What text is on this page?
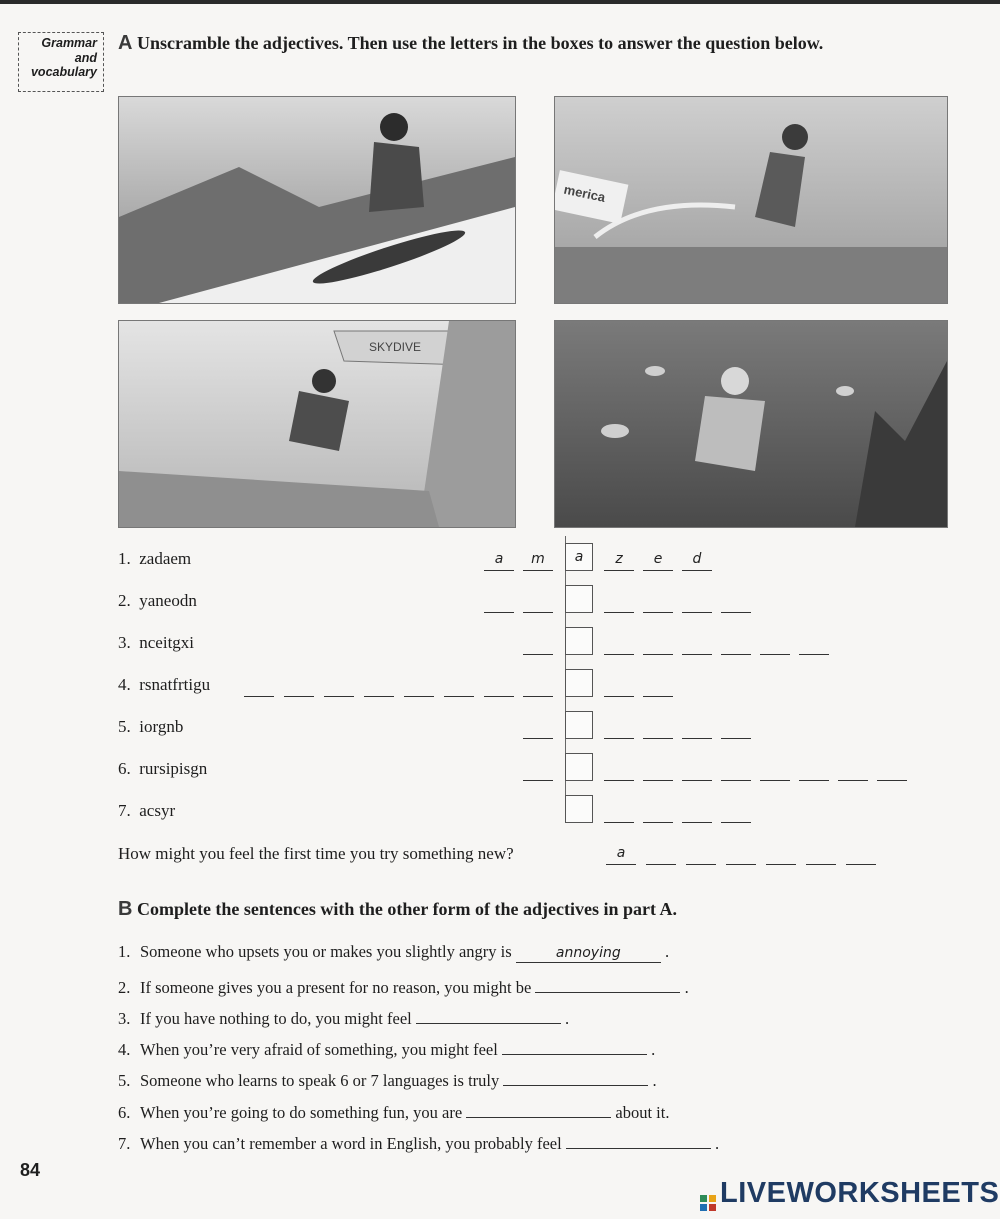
Grammar
and
vocabulary
A Unscramble the adjectives. Then use the letters in the boxes to answer the question below.
merica
SKYDIVE
1. zadaem	a	m	a	z	e	d
2. yaneodn
3. nceitgxi
4. rsnatfrtigu
5. iorgnb
6. rursipisgn
7. acsyr
How might you feel the first time you try something new?	a
B Complete the sentences with the other form of the adjectives in part A.
1. Someone who upsets you or makes you slightly angry is	annoying	.
2. If someone gives you a present for no reason, you might be	.
3. If you have nothing to do, you might feel	.
4. When you’re very afraid of something, you might feel	.
5. Someone who learns to speak 6 or 7 languages is truly	.
6. When you’re going to do something fun, you are	about it.
7. When you can’t remember a word in English, you probably feel	.
84
LIVEWORKSHEETS
